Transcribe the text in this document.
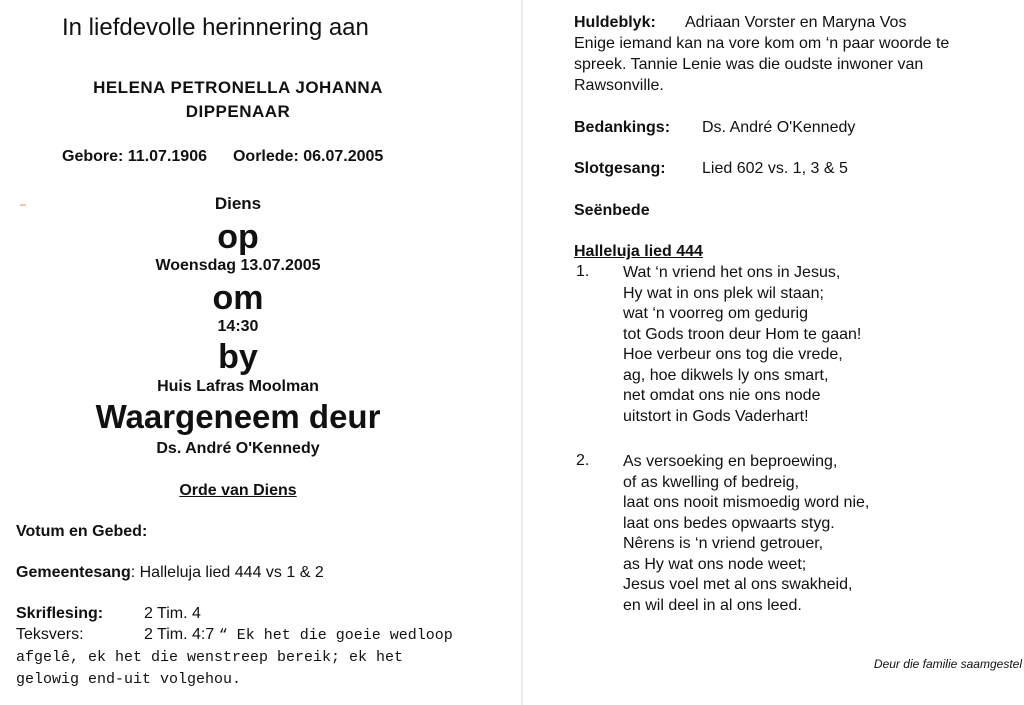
In liefdevolle herinnering aan
HELENA PETRONELLA JOHANNA
DIPPENAAR
Gebore: 11.07.1906 Oorlede: 06.07.2005
Diens
op
Woensdag 13.07.2005
om
14:30
by
Huis Lafras Moolman
Waargeneem deur
Ds. André O'Kennedy
Orde van Diens
Votum en Gebed:
Gemeentesang: Halleluja lied 444 vs 1 & 2
Skriflesing:	2 Tim. 4
Teksvers:	2 Tim. 4:7 “ Ek het die goeie wedloop
afgelê, ek het die wenstreep bereik; ek het
gelowig end-uit volgehou.
Huldeblyk: Adriaan Vorster en Maryna Vos
Enige iemand kan na vore kom om ‘n paar woorde te
spreek. Tannie Lenie was die oudste inwoner van
Rawsonville.
Bedankings: Ds. André O'Kennedy
Slotgesang: Lied 602 vs. 1, 3 & 5
Seënbede
Halleluja lied 444
1. Wat ‘n vriend het ons in Jesus,
Hy wat in ons plek wil staan;
wat ‘n voorreg om gedurig
tot Gods troon deur Hom te gaan!
Hoe verbeur ons tog die vrede,
ag, hoe dikwels ly ons smart,
net omdat ons nie ons node
uitstort in Gods Vaderhart!
2. As versoeking en beproewing,
of as kwelling of bedreig,
laat ons nooit mismoedig word nie,
laat ons bedes opwaarts styg.
Nêrens is ‘n vriend getrouer,
as Hy wat ons node weet;
Jesus voel met al ons swakheid,
en wil deel in al ons leed.
Deur die familie saamgestel
